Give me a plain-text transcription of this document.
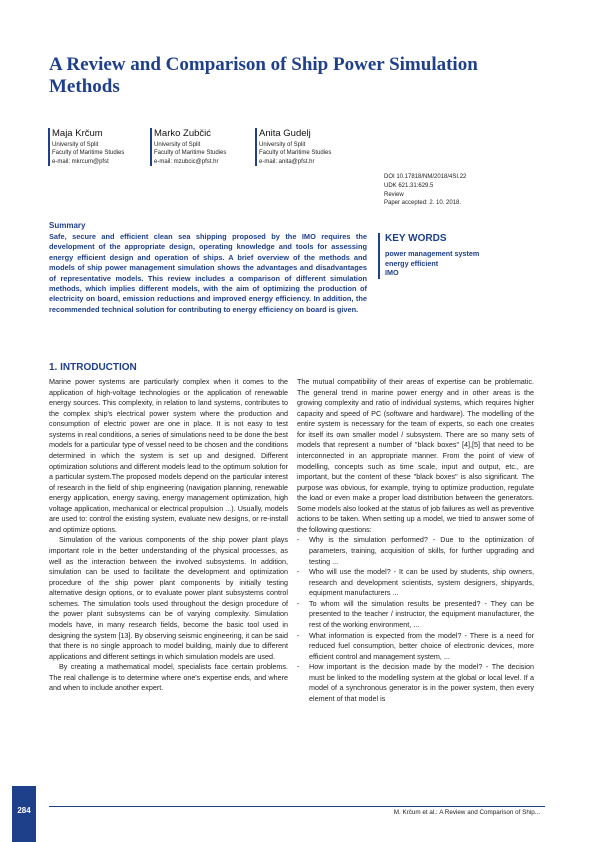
A Review and Comparison of Ship Power Simulation Methods
Maja Krčum
University of Split
Faculty of Maritime Studies
e-mail: mkrcum@pfst
Marko Zubčić
University of Split
Faculty of Maritime Studies
e-mail: mzubcic@pfst.hr
Anita Gudelj
University of Split
Faculty of Maritime Studies
e-mail: anita@pfst.hr
DOI 10.17818/NM/2018/4SI.22
UDK 621.31:629.5
Review
Paper accepted: 2. 10. 2018.
Summary

Safe, secure and efficient clean sea shipping proposed by the IMO requires the development of the appropriate design, operating knowledge and tools for assessing energy efficient design and operation of ships. A brief overview of the methods and models of ship power management simulation shows the advantages and disadvantages of representative models. This review includes a comparison of different simulation methods, which implies different models, with the aim of optimizing the production of electricity on board, emission reductions and improved energy efficiency. In addition, the recommended technical solution for contributing to energy efficiency on board is given.

KEY WORDS
power management system
energy efficient
IMO
1. INTRODUCTION

Marine power systems are particularly complex when it comes to the application of high-voltage technologies or the application of renewable energy sources. This complexity, in relation to land systems, contributes to the complex ship's electrical power system where the production and consumption of electric power are one in place. It is not easy to test systems in real conditions, a series of simulations need to be done the best models for a particular type of vessel need to be chosen and the conditions determined in which the system is set up and designed. Different optimization solutions and different models lead to the optimum solution for a particular system.The proposed models depend on the particular interest of research in the field of ship engineering (navigation planning, renewable energy application, energy saving, energy management optimization, high voltage application, mechanical or electrical propulsion ...). Usually, models are used to: control the existing system, evaluate new designs, or re-install and optimize options.

Simulation of the various components of the ship power plant plays important role in the better understanding of the physical processes, as well as the interaction between the involved subsystems. In addition, simulation can be used to facilitate the development and optimization procedure of the ship power plant components by initially testing alternative design options, or to evaluate power plant subsystems control schemes. The simulation tools used throughout the design procedure of the power plant subsystems can be of varying complexity. Simulation models have, in many research fields, become the basic tool used in designing the system [13]. By observing seismic engineering, it can be said that there is no single approach to model building, mainly due to different applications and different settings in which simulation models are used.

By creating a mathematical model, specialists face certain problems. The real challenge is to determine where one's expertise ends, and where and when to include another expert.

The mutual compatibility of their areas of expertise can be problematic. The general trend in marine power energy and in other areas is the growing complexity and ratio of individual systems, which requires higher capacity and speed of PC (software and hardware). The modelling of the entire system is necessary for the team of experts, so each one creates for itself its own smaller model / subsystem. There are so many sets of models that represent a number of "black boxes" [4],[5] that need to be interconnected in an appropriate manner. From the point of view of modelling, concepts such as time scale, input and output, etc., are important, but the content of these "black boxes" is also significant. The purpose was obvious, for example, trying to optimize production, regulate the load or even make a proper load distribution between the generators. Some models also looked at the status of job failures as well as preventive actions to be taken. When setting up a model, we tried to answer some of the following questions:

- Why is the simulation performed? - Due to the optimization of parameters, training, acquisition of skills, for further upgrading and testing ...
- Who will use the model? - It can be used by students, ship owners, research and development scientists, system designers, shipyards, equipment manufacturers ...
- To whom will the simulation results be presented? - They can be presented to the teacher / instructor, the equipment manufacturer, the rest of the working environment, ...
- What information is expected from the model? - There is a need for reduced fuel consumption, better choice of electronic devices, more efficient control and management system, ...
- How important is the decision made by the model? - The decision must be linked to the modelling system at the global or local level. If a model of a synchronous generator is in the power system, then every element of that model is
284	M. Krčum et al.: A Review and Comparison of Ship...
